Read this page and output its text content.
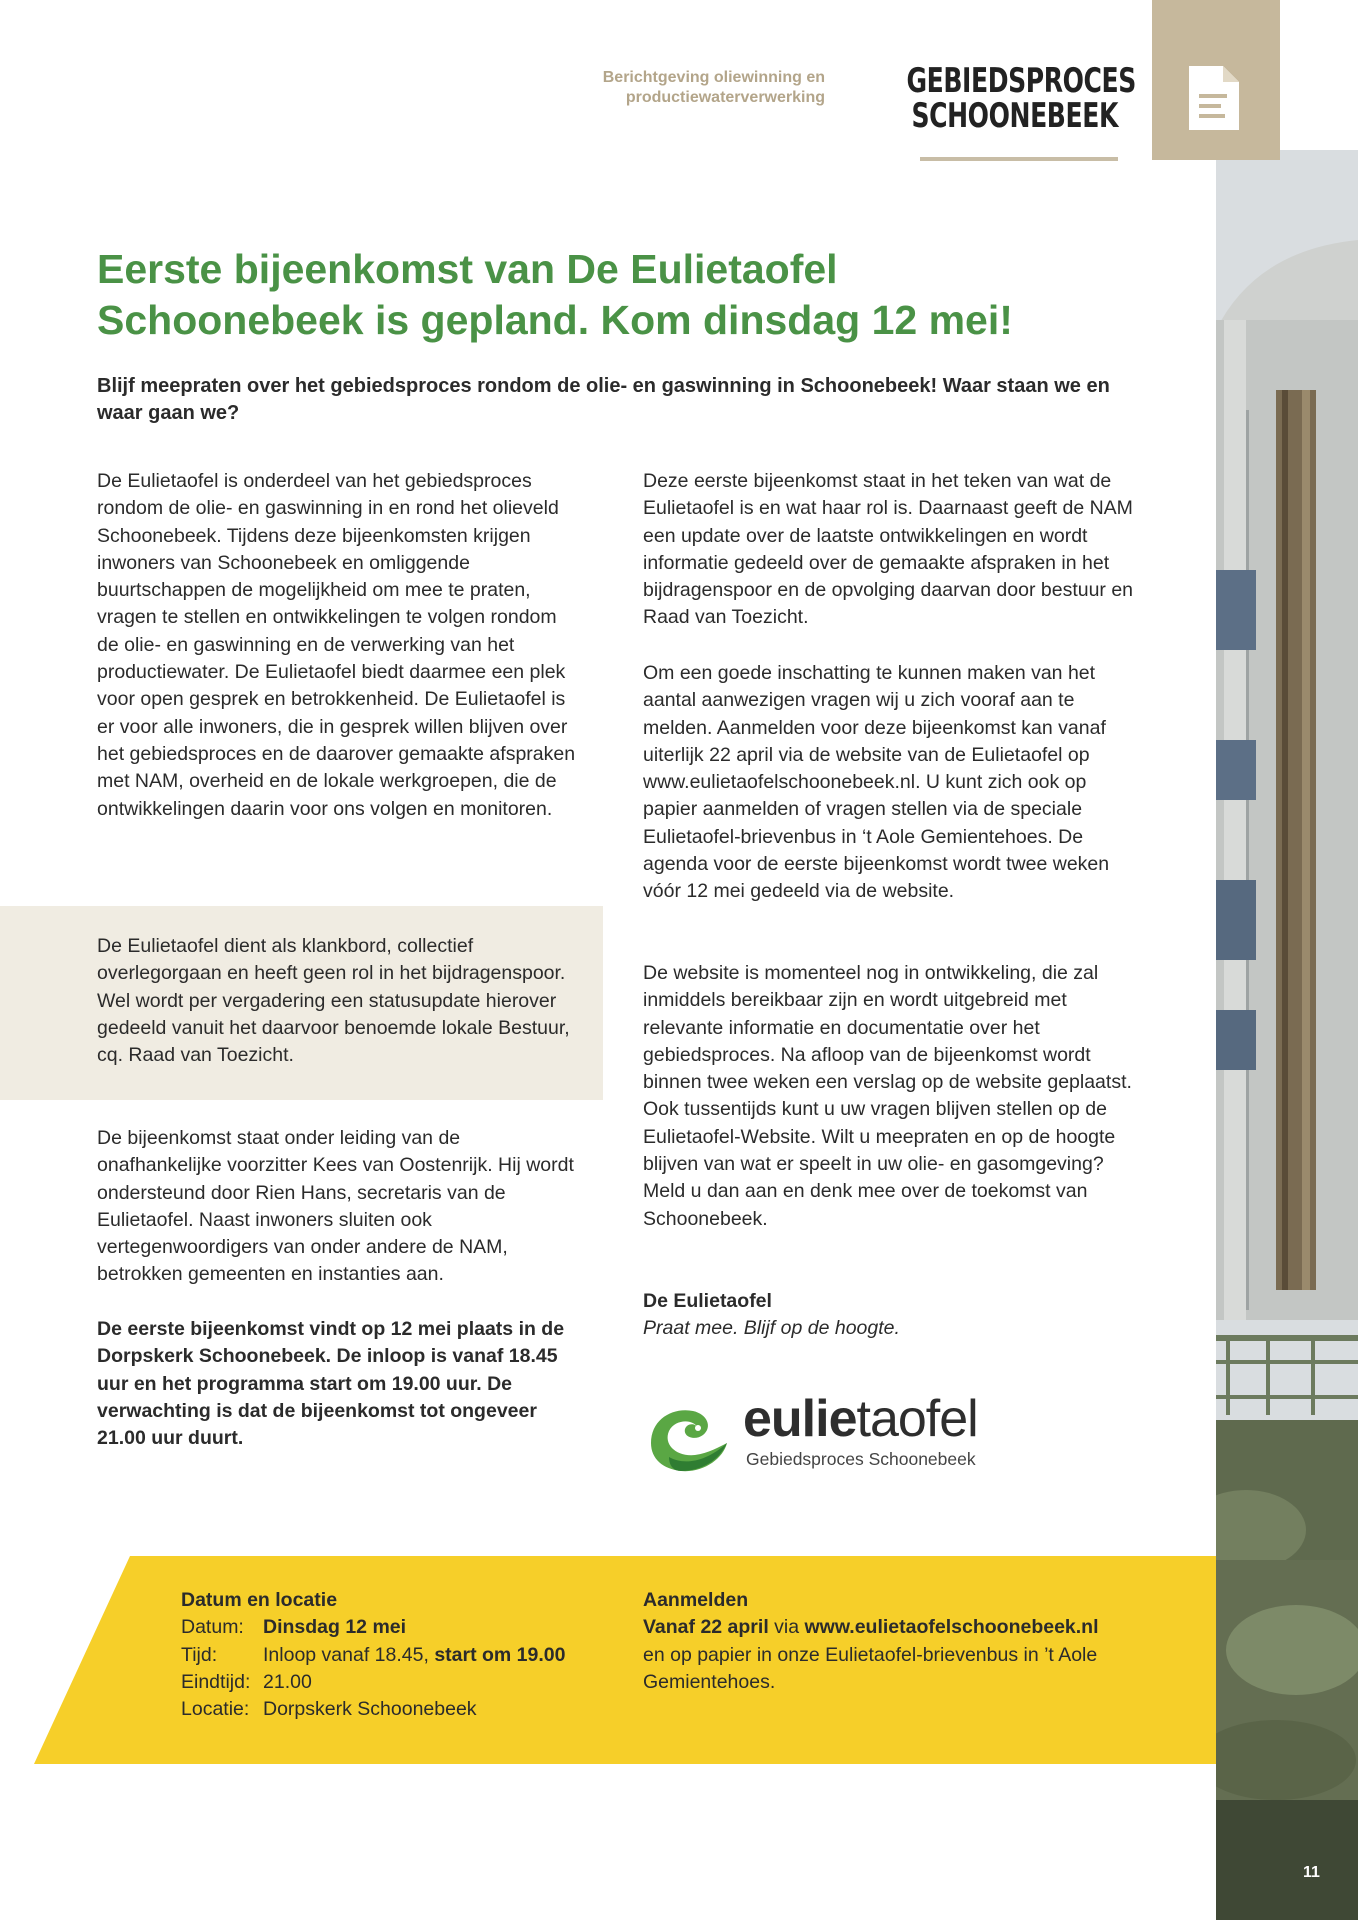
Berichtgeving oliewinning en
productiewaterverwerking GEBIEDSPROCES
SCHOONEBEEK
Eerste bijeenkomst van De Eulietaofel
Schoonebeek is gepland. Kom dinsdag 12 mei!

Blijf meepraten over het gebiedsproces rondom de olie- en gaswinning in Schoonebeek! Waar staan we en waar gaan we?

De Eulietaofel is onderdeel van het gebiedsproces rondom de olie- en gaswinning in en rond het olieveld Schoonebeek. Tijdens deze bijeenkomsten krijgen inwoners van Schoonebeek en omliggende buurtschappen de mogelijkheid om mee te praten, vragen te stellen en ontwikkelingen te volgen rondom de olie- en gaswinning en de verwerking van het productiewater. De Eulietaofel biedt daarmee een plek voor open gesprek en betrokkenheid. De Eulietaofel is er voor alle inwoners, die in gesprek willen blijven over het gebiedsproces en de daarover gemaakte afspraken met NAM, overheid en de lokale werkgroepen, die de ontwikkelingen daarin voor ons volgen en monitoren.

De Eulietaofel dient als klankbord, collectief overlegorgaan en heeft geen rol in het bijdragenspoor. Wel wordt per vergadering een statusupdate hierover gedeeld vanuit het daarvoor benoemde lokale Bestuur, cq. Raad van Toezicht.

De bijeenkomst staat onder leiding van de onafhankelijke voorzitter Kees van Oostenrijk. Hij wordt ondersteund door Rien Hans, secretaris van de Eulietaofel. Naast inwoners sluiten ook vertegenwoordigers van onder andere de NAM, betrokken gemeenten en instanties aan.

De eerste bijeenkomst vindt op 12 mei plaats in de Dorpskerk Schoonebeek. De inloop is vanaf 18.45 uur en het programma start om 19.00 uur. De verwachting is dat de bijeenkomst tot ongeveer 21.00 uur duurt.

Deze eerste bijeenkomst staat in het teken van wat de Eulietaofel is en wat haar rol is. Daarnaast geeft de NAM een update over de laatste ontwikkelingen en wordt informatie gedeeld over de gemaakte afspraken in het bijdragenspoor en de opvolging daarvan door bestuur en Raad van Toezicht.

Om een goede inschatting te kunnen maken van het aantal aanwezigen vragen wij u zich vooraf aan te melden. Aanmelden voor deze bijeenkomst kan vanaf uiterlijk 22 april via de website van de Eulietaofel op www.eulietaofelschoonebeek.nl. U kunt zich ook op papier aanmelden of vragen stellen via de speciale Eulietaofel-brievenbus in ‘t Aole Gemientehoes. De agenda voor de eerste bijeenkomst wordt twee weken vóór 12 mei gedeeld via de website.

De website is momenteel nog in ontwikkeling, die zal inmiddels bereikbaar zijn en wordt uitgebreid met relevante informatie en documentatie over het gebiedsproces. Na afloop van de bijeenkomst wordt binnen twee weken een verslag op de website geplaatst. Ook tussentijds kunt u uw vragen blijven stellen op de Eulietaofel-Website. Wilt u meepraten en op de hoogte blijven van wat er speelt in uw olie- en gasomgeving? Meld u dan aan en denk mee over de toekomst van Schoonebeek.

De Eulietaofel
Praat mee. Blijf op de hoogte.
eulietaofel
Gebiedsproces Schoonebeek
Datum en locatie
Datum: Dinsdag 12 mei
Tijd:	Inloop vanaf 18.45, start om 19.00
Eindtijd: 21.00
Locatie: Dorpskerk Schoonebeek
Aanmelden
Vanaf 22 april via www.eulietaofelschoonebeek.nl
en op papier in onze Eulietaofel-brievenbus in ’t Aole Gemientehoes.
11
